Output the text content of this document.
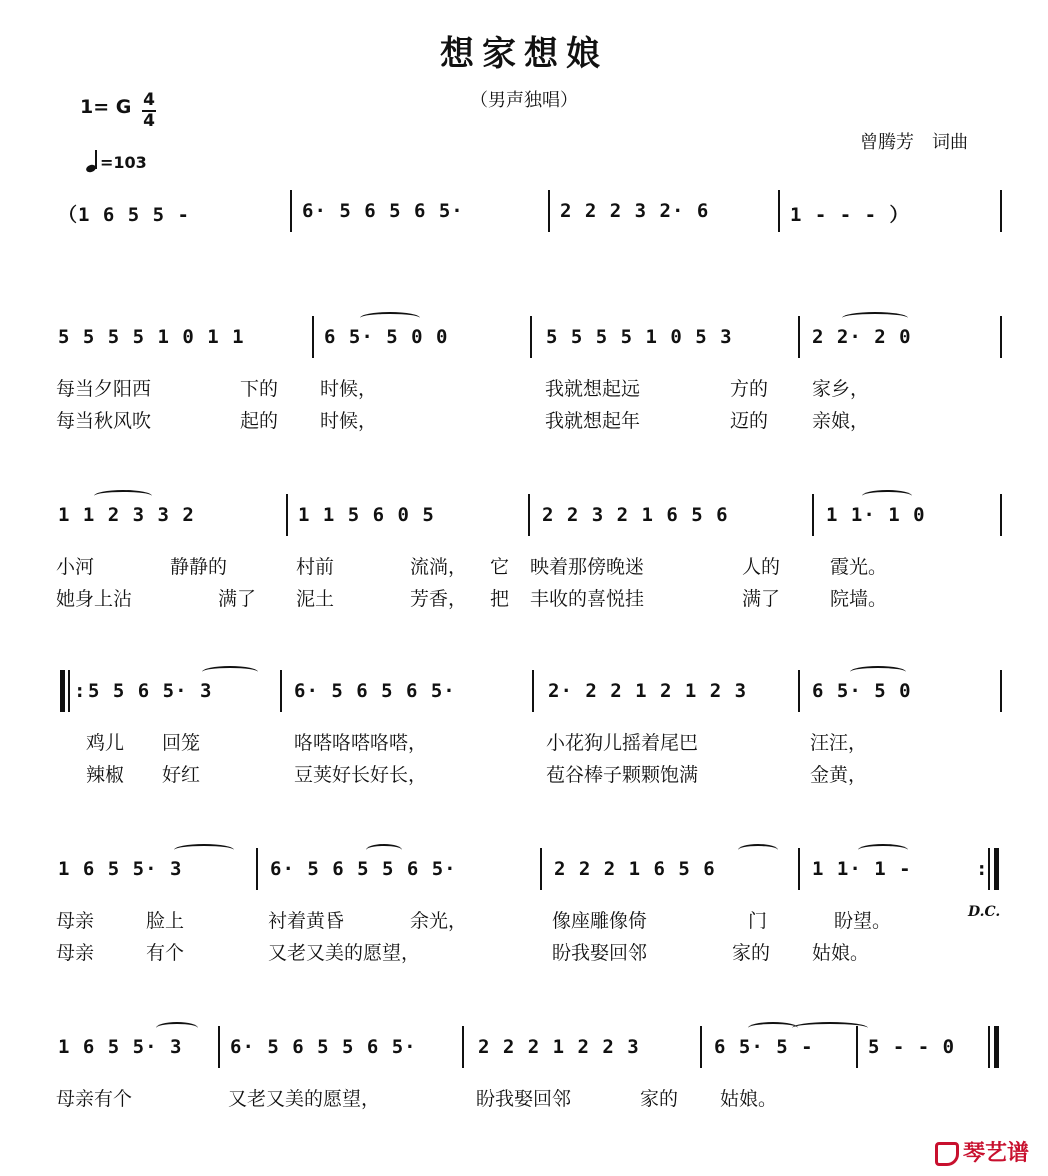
想家想娘
（男声独唱）
1= G 4
4
=103
曾腾芳　词曲
（1 6 5 5 -	6· 5 6 5 6 5·	2 2 2 3 2· 6	1 - - - ）
5 5 5 5 1 0 1 1	6 5· 5 0 0	5 5 5 5 1 0 5 3	2 2· 2 0
每当夕阳西	下的 时候，	我就想起远	方的 家乡，
每当秋风吹	起的 时候，	我就想起年	迈的 亲娘，
1 1 2 3 3 2	1 1 5 6 0 5	2 2 3 2 1 6 5 6	1 1· 1 0
小河	静静的	村前	流淌， 它 映着那傍晚迷	人的	霞光。
她身上沾	满了 泥土	芳香， 把 丰收的喜悦挂	满了	院墙。
: 5 5 6 5· 3	6· 5 6 5 6 5·	2· 2 2 1 2 1 2 3	6 5· 5 0
鸡儿 回笼	咯嗒咯嗒咯嗒，	小花狗儿摇着尾巴	汪汪，
辣椒 好红	豆荚好长好长，	苞谷棒子颗颗饱满	金黄，
1 6 5 5· 3	6· 5 6 5 5 6 5·	2 2 2 1 6 5 6	1 1· 1 -	:
D.C.
母亲	脸上	衬着黄昏	余光，	像座雕像倚	门	盼望。
母亲	有个	又老又美的愿望，	盼我娶回邻	家的 姑娘。
1 6 5 5· 3	6· 5 6 5 5 6 5·	2 2 2 1 2 2 3	6 5· 5 -	5 - - 0
母亲有个	又老又美的愿望，	盼我娶回邻	家的 姑娘。
琴艺谱
